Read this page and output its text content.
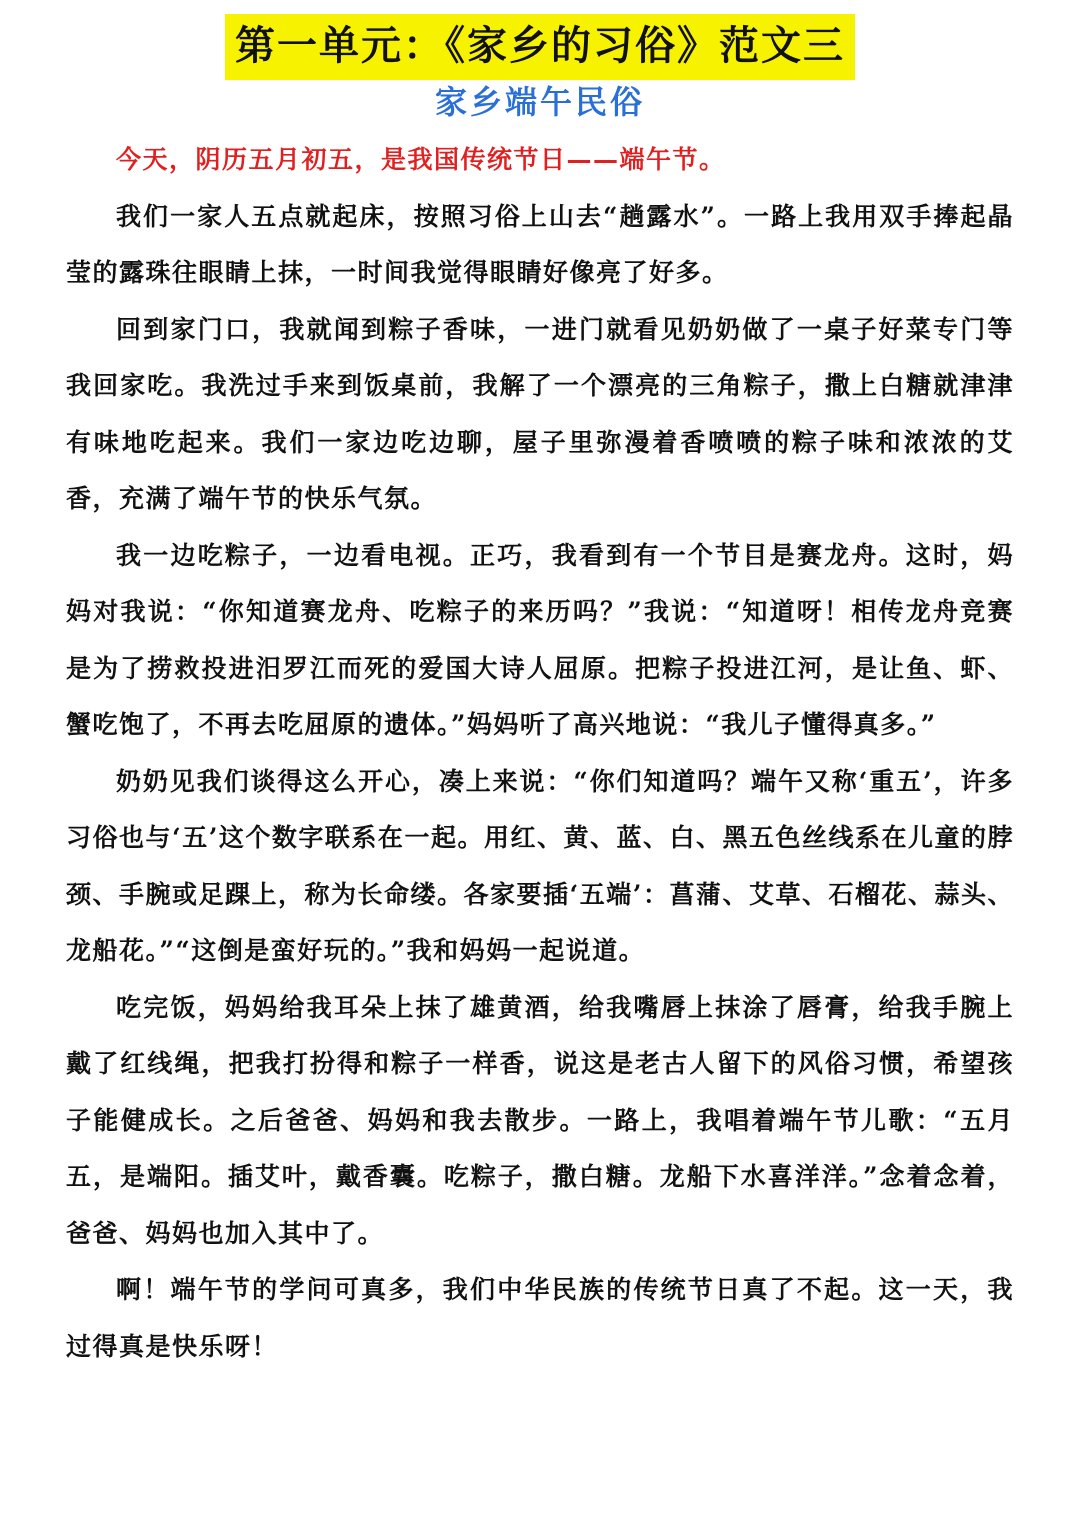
第一单元：《家乡的习俗》范文三
家乡端午民俗

今天，阴历五月初五，是我国传统节日——端午节。

我们一家人五点就起床，按照习俗上山去“趟露水”。一路上我用双手捧起晶莹的露珠往眼睛上抹，一时间我觉得眼睛好像亮了好多。

回到家门口，我就闻到粽子香味，一进门就看见奶奶做了一桌子好菜专门等我回家吃。我洗过手来到饭桌前，我解了一个漂亮的三角粽子，撒上白糖就津津有味地吃起来。我们一家边吃边聊，屋子里弥漫着香喷喷的粽子味和浓浓的艾香，充满了端午节的快乐气氛。

我一边吃粽子，一边看电视。正巧，我看到有一个节目是赛龙舟。这时，妈妈对我说：“你知道赛龙舟、吃粽子的来历吗？”我说：“知道呀！相传龙舟竞赛是为了捞救投进汨罗江而死的爱国大诗人屈原。把粽子投进江河，是让鱼、虾、蟹吃饱了，不再去吃屈原的遗体。”妈妈听了高兴地说：“我儿子懂得真多。”

奶奶见我们谈得这么开心，凑上来说：“你们知道吗？端午又称‘重五’，许多习俗也与‘五’这个数字联系在一起。用红、黄、蓝、白、黑五色丝线系在儿童的脖颈、手腕或足踝上，称为长命缕。各家要插‘五端’：菖蒲、艾草、石榴花、蒜头、龙船花。”“这倒是蛮好玩的。”我和妈妈一起说道。

吃完饭，妈妈给我耳朵上抹了雄黄酒，给我嘴唇上抹涂了唇膏，给我手腕上戴了红线绳，把我打扮得和粽子一样香，说这是老古人留下的风俗习惯，希望孩子能健成长。之后爸爸、妈妈和我去散步。一路上，我唱着端午节儿歌：“五月五，是端阳。插艾叶，戴香囊。吃粽子，撒白糖。龙船下水喜洋洋。”念着念着，爸爸、妈妈也加入其中了。

啊！端午节的学问可真多，我们中华民族的传统节日真了不起。这一天，我过得真是快乐呀！
